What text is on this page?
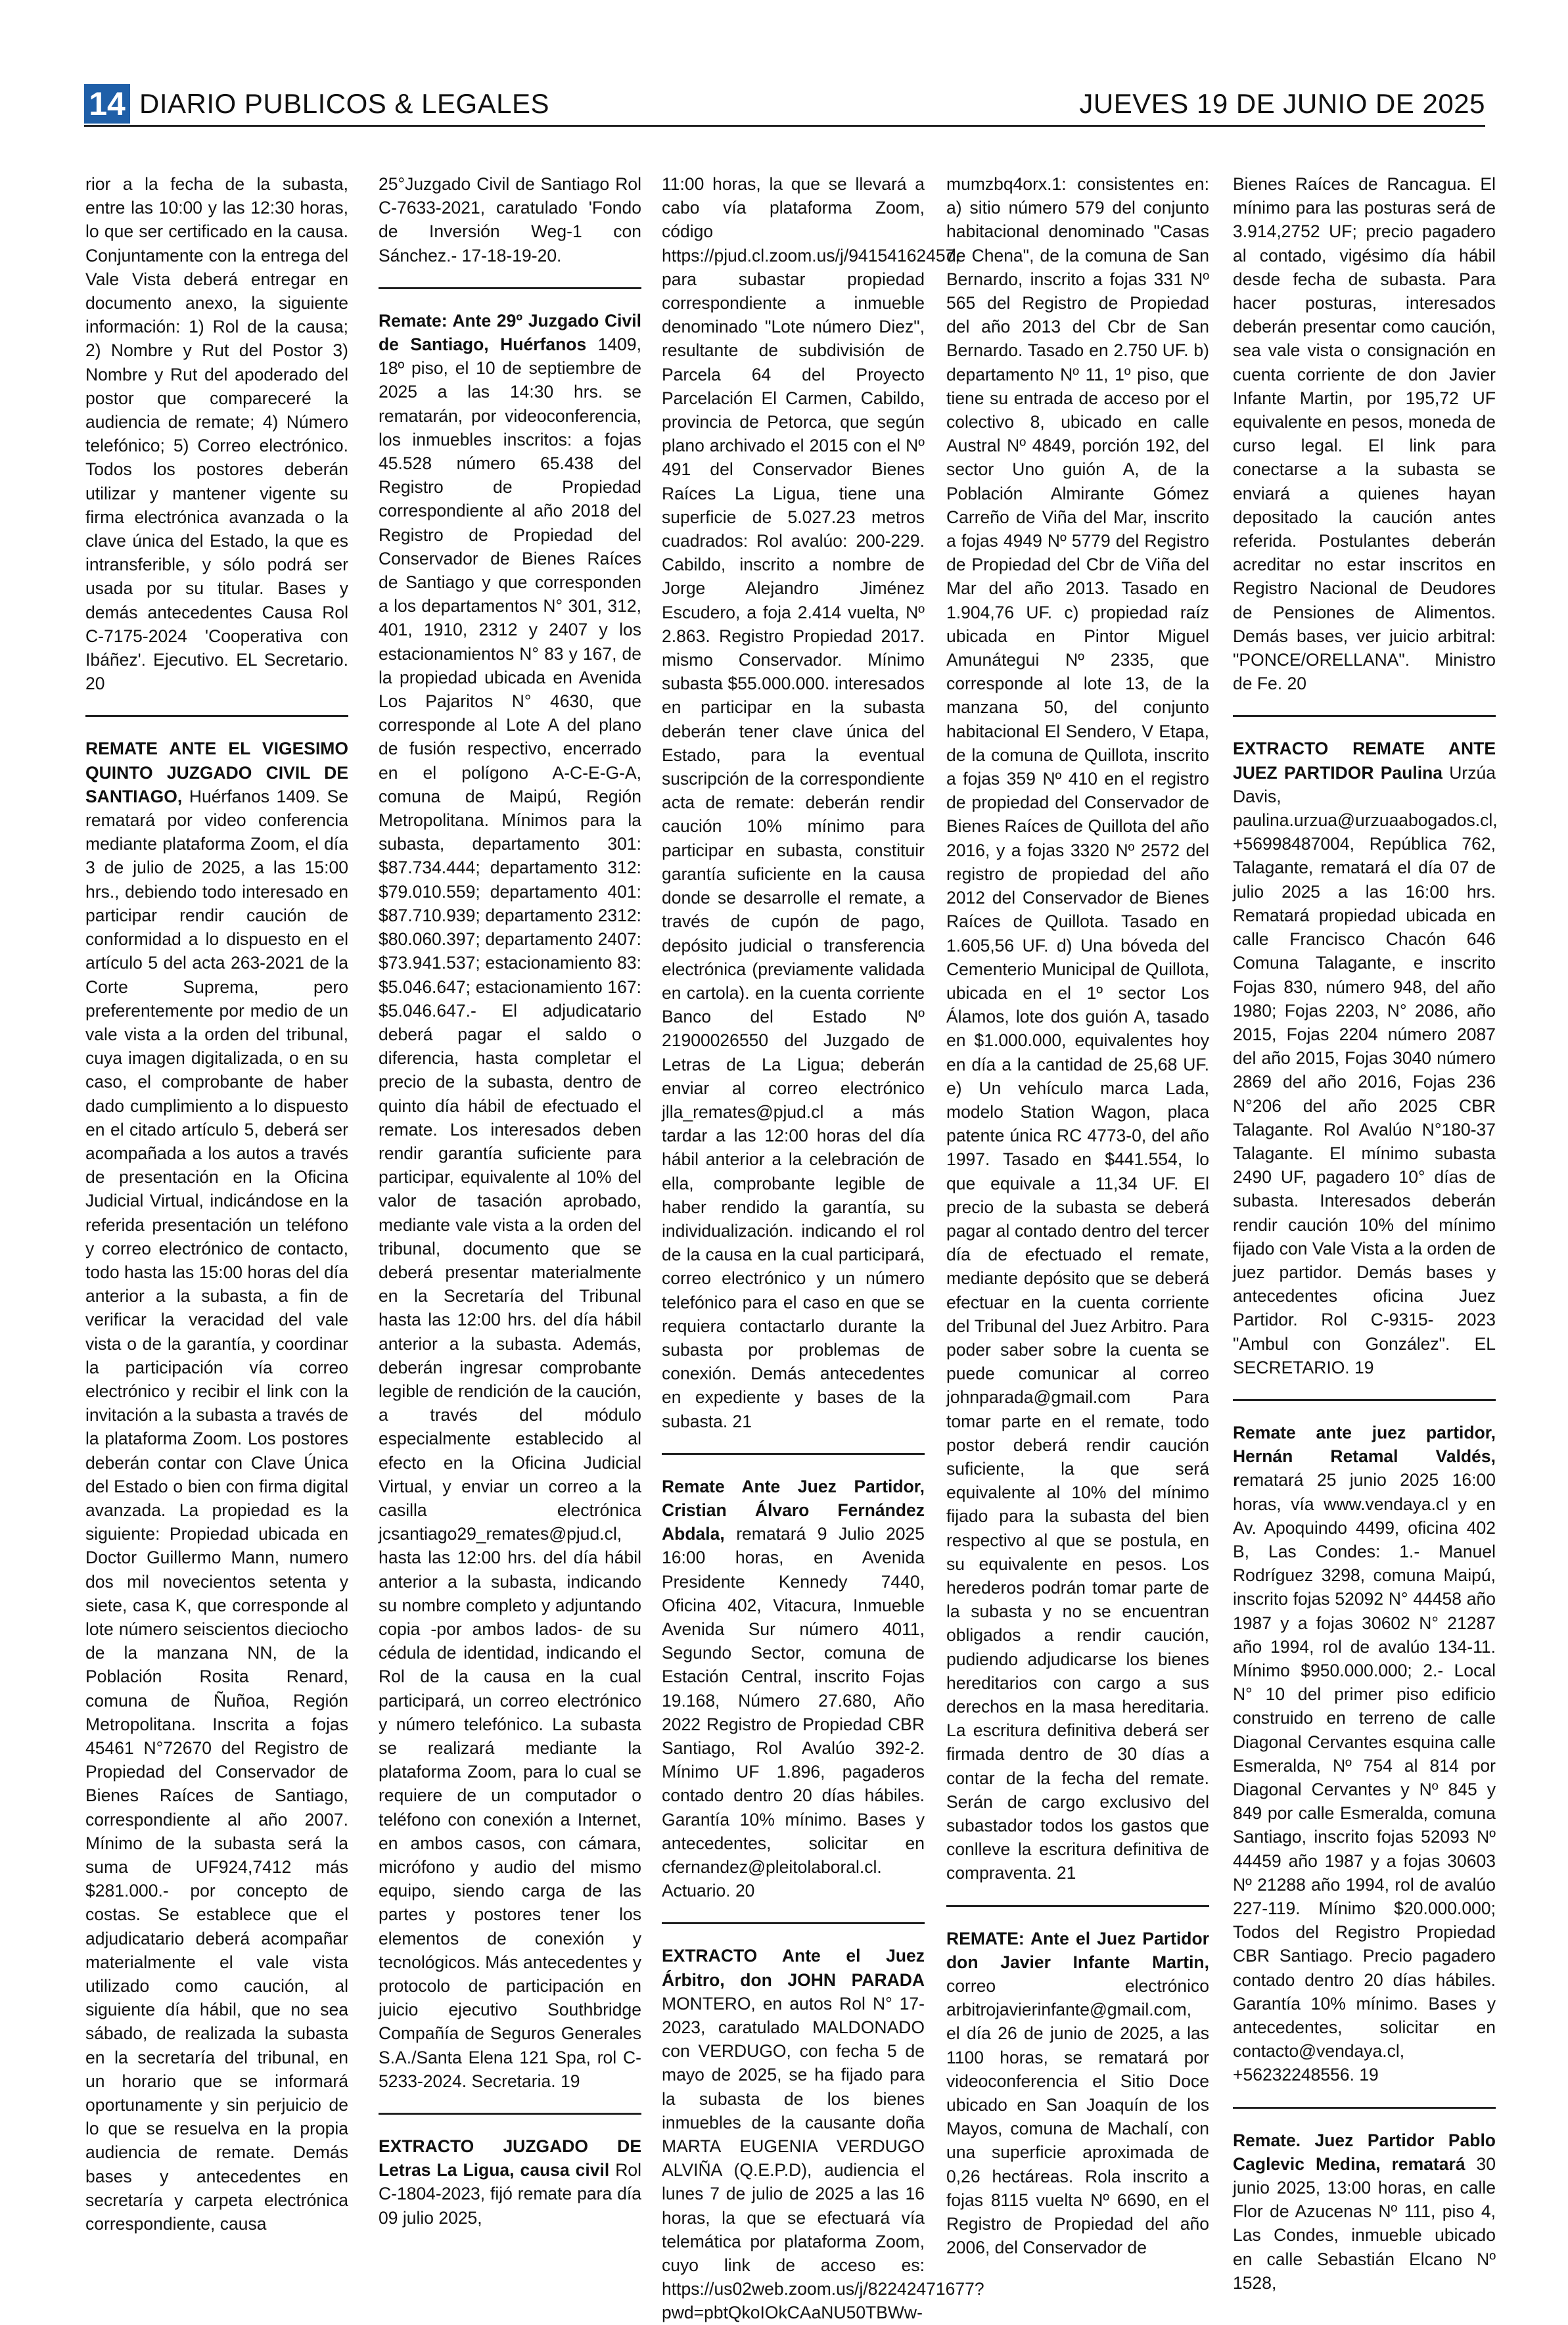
14 DIARIO PUBLICOS & LEGALES	JUEVES 19 DE JUNIO DE 2025

rior a la fecha de la subasta, entre las 10:00 y las 12:30 horas, lo que ser certificado en la causa. Conjuntamente con la entrega del Vale Vista deberá entregar en documento anexo, la siguiente información: 1) Rol de la causa; 2) Nombre y Rut del Postor 3) Nombre y Rut del apoderado del postor que compareceré la audiencia de remate; 4) Número telefónico; 5) Correo electrónico. Todos los postores deberán utilizar y mantener vigente su firma electrónica avanzada o la clave única del Estado, la que es intransferible, y sólo podrá ser usada por su titular. Bases y demás antecedentes Causa Rol C-7175-2024 'Cooperativa con Ibáñez'. Ejecutivo. EL Secretario. 20

REMATE ANTE EL VIGESIMO QUINTO JUZGADO CIVIL DE SANTIAGO, Huérfanos 1409. Se rematará por video conferencia mediante plataforma Zoom, el día 3 de julio de 2025, a las 15:00 hrs., debiendo todo interesado en participar rendir caución de conformidad a lo dispuesto en el artículo 5 del acta 263-2021 de la Corte Suprema, pero preferentemente por medio de un vale vista a la orden del tribunal, cuya imagen digitalizada, o en su caso, el comprobante de haber dado cumplimiento a lo dispuesto en el citado artículo 5, deberá ser acompañada a los autos a través de presentación en la Oficina Judicial Virtual, indicándose en la referida presentación un teléfono y correo electrónico de contacto, todo hasta las 15:00 horas del día anterior a la subasta, a fin de verificar la veracidad del vale vista o de la garantía, y coordinar la participación vía correo electrónico y recibir el link con la invitación a la subasta a través de la plataforma Zoom. Los postores deberán contar con Clave Única del Estado o bien con firma digital avanzada. La propiedad es la siguiente: Propiedad ubicada en Doctor Guillermo Mann, numero dos mil novecientos setenta y siete, casa K, que corresponde al lote número seiscientos dieciocho de la manzana NN, de la Población Rosita Renard, comuna de Ñuñoa, Región Metropolitana. Inscrita a fojas 45461 N°72670 del Registro de Propiedad del Conservador de Bienes Raíces de Santiago, correspondiente al año 2007. Mínimo de la subasta será la suma de UF924,7412 más $281.000.- por concepto de costas. Se establece que el adjudicatario deberá acompañar materialmente el vale vista utilizado como caución, al siguiente día hábil, que no sea sábado, de realizada la subasta en la secretaría del tribunal, en un horario que se informará oportunamente y sin perjuicio de lo que se resuelva en la propia audiencia de remate. Demás bases y antecedentes en secretaría y carpeta electrónica correspondiente, causa

25°Juzgado Civil de Santiago Rol C-7633-2021, caratulado 'Fondo de Inversión Weg-1 con Sánchez.- 17-18-19-20.

Remate: Ante 29º Juzgado Civil de Santiago, Huérfanos 1409, 18º piso, el 10 de septiembre de 2025 a las 14:30 hrs. se rematarán, por videoconferencia, los inmuebles inscritos: a fojas 45.528 número 65.438 del Registro de Propiedad correspondiente al año 2018 del Registro de Propiedad del Conservador de Bienes Raíces de Santiago y que corresponden a los departamentos N° 301, 312, 401, 1910, 2312 y 2407 y los estacionamientos N° 83 y 167, de la propiedad ubicada en Avenida Los Pajaritos N° 4630, que corresponde al Lote A del plano de fusión respectivo, encerrado en el polígono A-C-E-G-A, comuna de Maipú, Región Metropolitana. Mínimos para la subasta, departamento 301: $87.734.444; departamento 312: $79.010.559; departamento 401: $87.710.939; departamento 2312: $80.060.397; departamento 2407: $73.941.537; estacionamiento 83: $5.046.647; estacionamiento 167: $5.046.647.- El adjudicatario deberá pagar el saldo o diferencia, hasta completar el precio de la subasta, dentro de quinto día hábil de efectuado el remate. Los interesados deben rendir garantía suficiente para participar, equivalente al 10% del valor de tasación aprobado, mediante vale vista a la orden del tribunal, documento que se deberá presentar materialmente en la Secretaría del Tribunal hasta las 12:00 hrs. del día hábil anterior a la subasta. Además, deberán ingresar comprobante legible de rendición de la caución, a través del módulo especialmente establecido al efecto en la Oficina Judicial Virtual, y enviar un correo a la casilla electrónica jcsantiago29_remates@pjud.cl, hasta las 12:00 hrs. del día hábil anterior a la subasta, indicando su nombre completo y adjuntando copia -por ambos lados- de su cédula de identidad, indicando el Rol de la causa en la cual participará, un correo electrónico y número telefónico. La subasta se realizará mediante la plataforma Zoom, para lo cual se requiere de un computador o teléfono con conexión a Internet, en ambos casos, con cámara, micrófono y audio del mismo equipo, siendo carga de las partes y postores tener los elementos de conexión y tecnológicos. Más antecedentes y protocolo de participación en juicio ejecutivo Southbridge Compañía de Seguros Generales S.A./Santa Elena 121 Spa, rol C-5233-2024. Secretaria. 19

EXTRACTO JUZGADO DE Letras La Ligua, causa civil Rol C-1804-2023, fijó remate para día 09 julio 2025,

11:00 horas, la que se llevará a cabo vía plataforma Zoom, código https://pjud.cl.zoom.us/j/94154162457, para subastar propiedad correspondiente a inmueble denominado "Lote número Diez", resultante de subdivisión de Parcela 64 del Proyecto Parcelación El Carmen, Cabildo, provincia de Petorca, que según plano archivado el 2015 con el Nº 491 del Conservador Bienes Raíces La Ligua, tiene una superficie de 5.027.23 metros cuadrados: Rol avalúo: 200-229. Cabildo, inscrito a nombre de Jorge Alejandro Jiménez Escudero, a foja 2.414 vuelta, Nº 2.863. Registro Propiedad 2017. mismo Conservador. Mínimo subasta $55.000.000. interesados en participar en la subasta deberán tener clave única del Estado, para la eventual suscripción de la correspondiente acta de remate: deberán rendir caución 10% mínimo para participar en subasta, constituir garantía suficiente en la causa donde se desarrolle el remate, a través de cupón de pago, depósito judicial o transferencia electrónica (previamente validada en cartola). en la cuenta corriente Banco del Estado Nº 21900026550 del Juzgado de Letras de La Ligua; deberán enviar al correo electrónico jlla_remates@pjud.cl a más tardar a las 12:00 horas del día hábil anterior a la celebración de ella, comprobante legible de haber rendido la garantía, su individualización. indicando el rol de la causa en la cual participará, correo electrónico y un número telefónico para el caso en que se requiera contactarlo durante la subasta por problemas de conexión. Demás antecedentes en expediente y bases de la subasta. 21

Remate Ante Juez Partidor, Cristian Álvaro Fernández Abdala, rematará 9 Julio 2025 16:00 horas, en Avenida Presidente Kennedy 7440, Oficina 402, Vitacura, Inmueble Avenida Sur número 4011, Segundo Sector, comuna de Estación Central, inscrito Fojas 19.168, Número 27.680, Año 2022 Registro de Propiedad CBR Santiago, Rol Avalúo 392-2. Mínimo UF 1.896, pagaderos contado dentro 20 días hábiles. Garantía 10% mínimo. Bases y antecedentes, solicitar en cfernandez@pleitolaboral.cl. Actuario. 20

EXTRACTO Ante el Juez Árbitro, don JOHN PARADA MONTERO, en autos Rol N° 17-2023, caratulado MALDONADO con VERDUGO, con fecha 5 de mayo de 2025, se ha fijado para la subasta de los bienes inmuebles de la causante doña MARTA EUGENIA VERDUGO ALVIÑA (Q.E.P.D), audiencia el lunes 7 de julio de 2025 a las 16 horas, la que se efectuará vía telemática por plataforma Zoom, cuyo link de acceso es: https://us02web.zoom.us/j/82242471677?pwd=pbtQkoIOkCAaNU50TBWw-

mumzbq4orx.1: consistentes en: a) sitio número 579 del conjunto habitacional denominado "Casas de Chena", de la comuna de San Bernardo, inscrito a fojas 331 Nº 565 del Registro de Propiedad del año 2013 del Cbr de San Bernardo. Tasado en 2.750 UF. b) departamento Nº 11, 1º piso, que tiene su entrada de acceso por el colectivo 8, ubicado en calle Austral Nº 4849, porción 192, del sector Uno guión A, de la Población Almirante Gómez Carreño de Viña del Mar, inscrito a fojas 4949 Nº 5779 del Registro de Propiedad del Cbr de Viña del Mar del año 2013. Tasado en 1.904,76 UF. c) propiedad raíz ubicada en Pintor Miguel Amunátegui Nº 2335, que corresponde al lote 13, de la manzana 50, del conjunto habitacional El Sendero, V Etapa, de la comuna de Quillota, inscrito a fojas 359 Nº 410 en el registro de propiedad del Conservador de Bienes Raíces de Quillota del año 2016, y a fojas 3320 Nº 2572 del registro de propiedad del año 2012 del Conservador de Bienes Raíces de Quillota. Tasado en 1.605,56 UF. d) Una bóveda del Cementerio Municipal de Quillota, ubicada en el 1º sector Los Álamos, lote dos guión A, tasado en $1.000.000, equivalentes hoy en día a la cantidad de 25,68 UF. e) Un vehículo marca Lada, modelo Station Wagon, placa patente única RC 4773-0, del año 1997. Tasado en $441.554, lo que equivale a 11,34 UF. El precio de la subasta se deberá pagar al contado dentro del tercer día de efectuado el remate, mediante depósito que se deberá efectuar en la cuenta corriente del Tribunal del Juez Arbitro. Para poder saber sobre la cuenta se puede comunicar al correo johnparada@gmail.com Para tomar parte en el remate, todo postor deberá rendir caución suficiente, la que será equivalente al 10% del mínimo fijado para la subasta del bien respectivo al que se postula, en su equivalente en pesos. Los herederos podrán tomar parte de la subasta y no se encuentran obligados a rendir caución, pudiendo adjudicarse los bienes hereditarios con cargo a sus derechos en la masa hereditaria. La escritura definitiva deberá ser firmada dentro de 30 días a contar de la fecha del remate. Serán de cargo exclusivo del subastador todos los gastos que conlleve la escritura definitiva de compraventa. 21

REMATE: Ante el Juez Partidor don Javier Infante Martin, correo electrónico arbitrojavierinfante@gmail.com, el día 26 de junio de 2025, a las 1100 horas, se rematará por videoconferencia el Sitio Doce ubicado en San Joaquín de los Mayos, comuna de Machalí, con una superficie aproximada de 0,26 hectáreas. Rola inscrito a fojas 8115 vuelta Nº 6690, en el Registro de Propiedad del año 2006, del Conservador de

Bienes Raíces de Rancagua. El mínimo para las posturas será de 3.914,2752 UF; precio pagadero al contado, vigésimo día hábil desde fecha de subasta. Para hacer posturas, interesados deberán presentar como caución, sea vale vista o consignación en cuenta corriente de don Javier Infante Martin, por 195,72 UF equivalente en pesos, moneda de curso legal. El link para conectarse a la subasta se enviará a quienes hayan depositado la caución antes referida. Postulantes deberán acreditar no estar inscritos en Registro Nacional de Deudores de Pensiones de Alimentos. Demás bases, ver juicio arbitral: "PONCE/ORELLANA". Ministro de Fe. 20

EXTRACTO REMATE ANTE JUEZ PARTIDOR Paulina Urzúa Davis, paulina.urzua@urzuaabogados.cl, +56998487004, República 762, Talagante, rematará el día 07 de julio 2025 a las 16:00 hrs. Rematará propiedad ubicada en calle Francisco Chacón 646 Comuna Talagante, e inscrito Fojas 830, número 948, del año 1980; Fojas 2203, N° 2086, año 2015, Fojas 2204 número 2087 del año 2015, Fojas 3040 número 2869 del año 2016, Fojas 236 N°206 del año 2025 CBR Talagante. Rol Avalúo N°180-37 Talagante. El mínimo subasta 2490 UF, pagadero 10° días de subasta. Interesados deberán rendir caución 10% del mínimo fijado con Vale Vista a la orden de juez partidor. Demás bases y antecedentes oficina Juez Partidor. Rol C-9315- 2023 "Ambul con González". EL SECRETARIO. 19

Remate ante juez partidor, Hernán Retamal Valdés, rematará 25 junio 2025 16:00 horas, vía www.vendaya.cl y en Av. Apoquindo 4499, oficina 402 B, Las Condes: 1.- Manuel Rodríguez 3298, comuna Maipú, inscrito fojas 52092 N° 44458 año 1987 y a fojas 30602 N° 21287 año 1994, rol de avalúo 134-11. Mínimo $950.000.000; 2.- Local N° 10 del primer piso edificio construido en terreno de calle Diagonal Cervantes esquina calle Esmeralda, Nº 754 al 814 por Diagonal Cervantes y Nº 845 y 849 por calle Esmeralda, comuna Santiago, inscrito fojas 52093 Nº 44459 año 1987 y a fojas 30603 Nº 21288 año 1994, rol de avalúo 227-119. Mínimo $20.000.000; Todos del Registro Propiedad CBR Santiago. Precio pagadero contado dentro 20 días hábiles. Garantía 10% mínimo. Bases y antecedentes, solicitar en contacto@vendaya.cl, +56232248556. 19

Remate. Juez Partidor Pablo Caglevic Medina, rematará 30 junio 2025, 13:00 horas, en calle Flor de Azucenas Nº 111, piso 4, Las Condes, inmueble ubicado en calle Sebastián Elcano Nº 1528,
